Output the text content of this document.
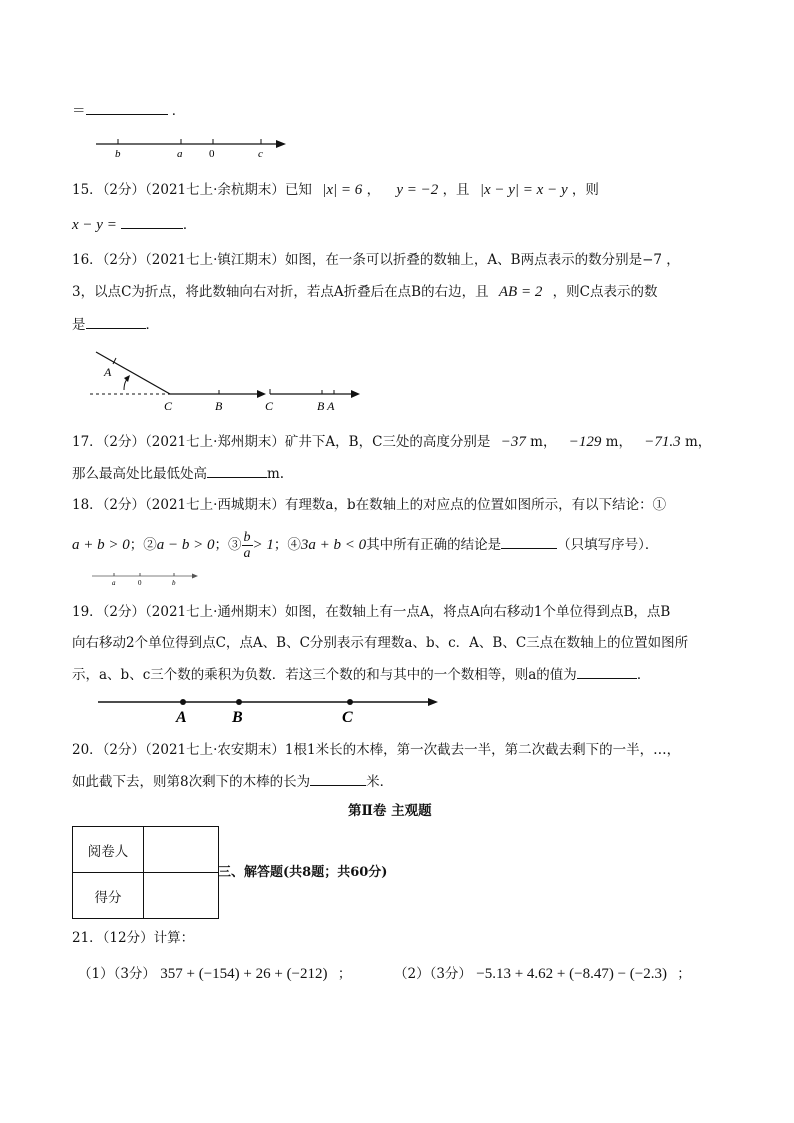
＝	．
b	a 0	c
15．（2分）（2021七上·余杭期末）已知 |x| = 6 ， y = −2 ，且 |x − y| = x − y ，则
x − y =	．
16．（2分）（2021七上·镇江期末）如图，在一条可以折叠的数轴上，A、B两点表示的数分别是−7 ，
3，以点C为折点，将此数轴向右对折，若点A折叠后在点B的右边，且 AB = 2 ，则C点表示的数
是	．
A
C	B	C	B A
17．（2分）（2021七上·郑州期末）矿井下A，B，C三处的高度分别是 −37 m， −129 m， −71.3 m，
那么最高处比最低处高	m.
18．（2分）（2021七上·西城期末）有理数a，b在数轴上的对应点的位置如图所示，有以下结论：①
a + b > 0；②a − b > 0；③ $\frac{b}{a} > 1$；④3a + b < 0其中所有正确的结论是	（只填写序号）．
a	0	b
19．（2分）（2021七上·通州期末）如图，在数轴上有一点A，将点A向右移动1个单位得到点B，点B
向右移动2个单位得到点C，点A、B、C分别表示有理数a、b、c．A、B、C三点在数轴上的位置如图所
示，a、b、c三个数的乘积为负数．若这三个数的和与其中的一个数相等，则a的值为	．
A	B	C
20．（2分）（2021七上·农安期末）1根1米长的木棒，第一次截去一半，第二次截去剩下的一半，…，
如此截下去，则第8次剩下的木棒的长为	米．
第Ⅱ卷 主观题
阅卷人	
得分	
三、解答题(共8题；共60分)
21．（12分）计算：
（1）（3分） 357 + (−154) + 26 + (−212) ；	（2）（3分） −5.13 + 4.62 + (−8.47) − (−2.3) ；
